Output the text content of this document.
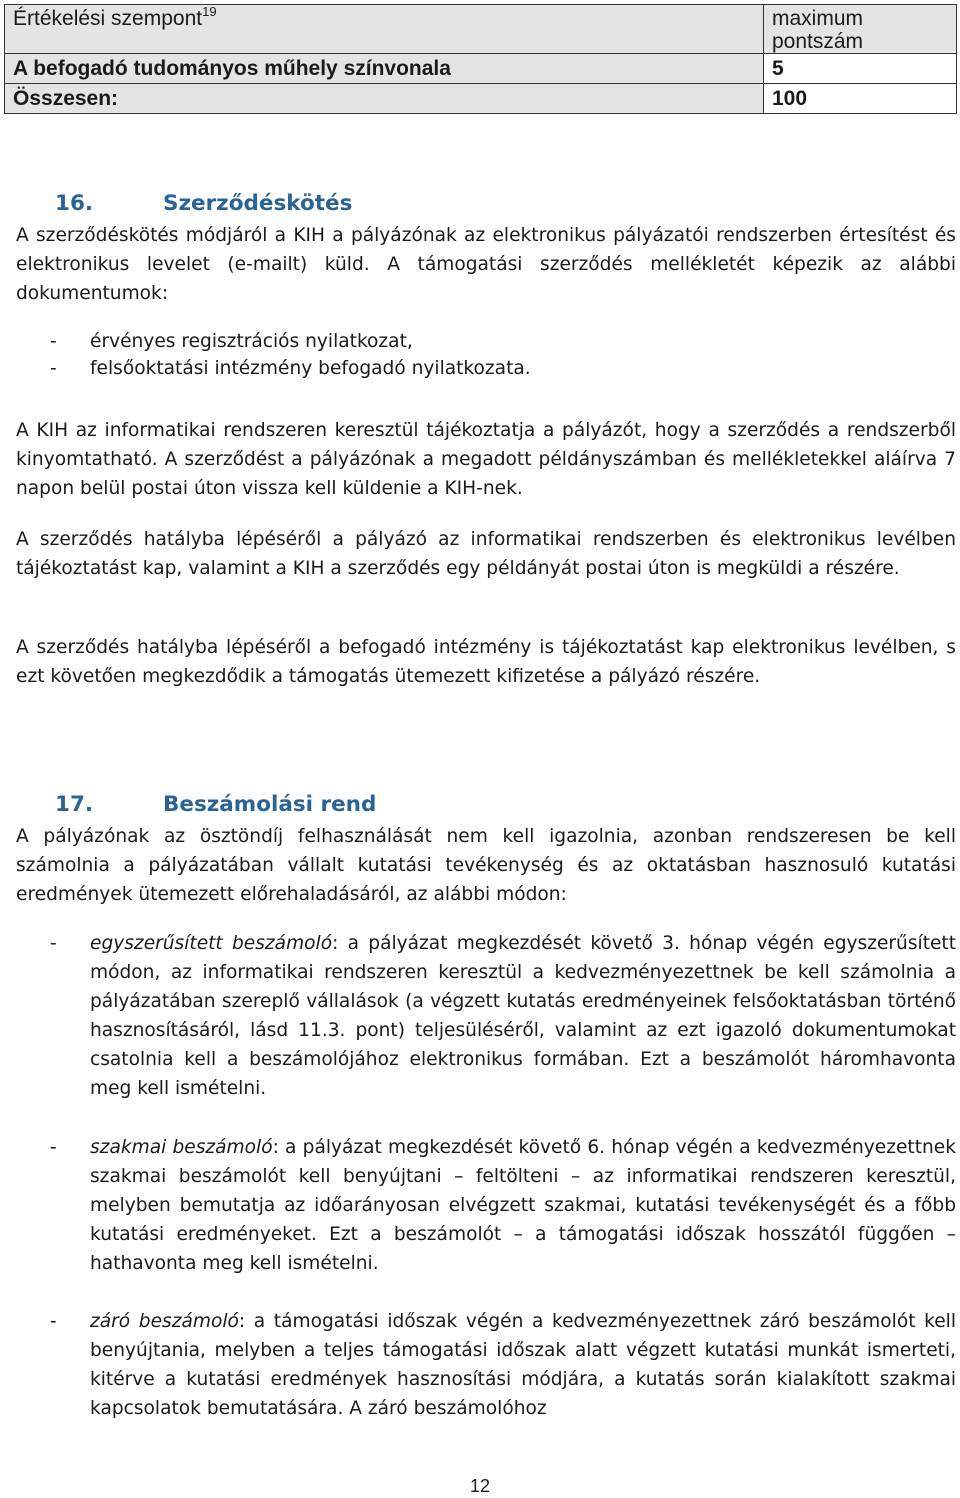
Értékelési szempont$^{19}$	maximum pontszám
A befogadó tudományos műhely színvonala	5
Összesen:	100
16.	Szerződéskötés
A szerződéskötés módjáról a KIH a pályázónak az elektronikus pályázatói rendszerben értesítést és elektronikus levelet (e-mailt) küld. A támogatási szerződés mellékletét képezik az alábbi dokumentumok:
- érvényes regisztrációs nyilatkozat,
- felsőoktatási intézmény befogadó nyilatkozata.
A KIH az informatikai rendszeren keresztül tájékoztatja a pályázót, hogy a szerződés a rendszerből kinyomtatható. A szerződést a pályázónak a megadott példányszámban és mellékletekkel aláírva 7 napon belül postai úton vissza kell küldenie a KIH-nek.
A szerződés hatályba lépéséről a pályázó az informatikai rendszerben és elektronikus levélben tájékoztatást kap, valamint a KIH a szerződés egy példányát postai úton is megküldi a részére.
A szerződés hatályba lépéséről a befogadó intézmény is tájékoztatást kap elektronikus levélben, s ezt követően megkezdődik a támogatás ütemezett kifizetése a pályázó részére.
17.	Beszámolási rend
A pályázónak az ösztöndíj felhasználását nem kell igazolnia, azonban rendszeresen be kell számolnia a pályázatában vállalt kutatási tevékenység és az oktatásban hasznosuló kutatási eredmények ütemezett előrehaladásáról, az alábbi módon:
- egyszerűsített beszámoló: a pályázat megkezdését követő 3. hónap végén egyszerűsített módon, az informatikai rendszeren keresztül a kedvezményezettnek be kell számolnia a pályázatában szereplő vállalások (a végzett kutatás eredményeinek felsőoktatásban történő hasznosításáról, lásd 11.3. pont) teljesüléséről, valamint az ezt igazoló dokumentumokat csatolnia kell a beszámolójához elektronikus formában. Ezt a beszámolót háromhavonta meg kell ismételni.
- szakmai beszámoló: a pályázat megkezdését követő 6. hónap végén a kedvezményezettnek szakmai beszámolót kell benyújtani – feltölteni – az informatikai rendszeren keresztül, melyben bemutatja az időarányosan elvégzett szakmai, kutatási tevékenységét és a főbb kutatási eredményeket. Ezt a beszámolót – a támogatási időszak hosszától függően – hathavonta meg kell ismételni.
- záró beszámoló: a támogatási időszak végén a kedvezményezettnek záró beszámolót kell benyújtania, melyben a teljes támogatási időszak alatt végzett kutatási munkát ismerteti, kitérve a kutatási eredmények hasznosítási módjára, a kutatás során kialakított szakmai kapcsolatok bemutatására. A záró beszámolóhoz
12
